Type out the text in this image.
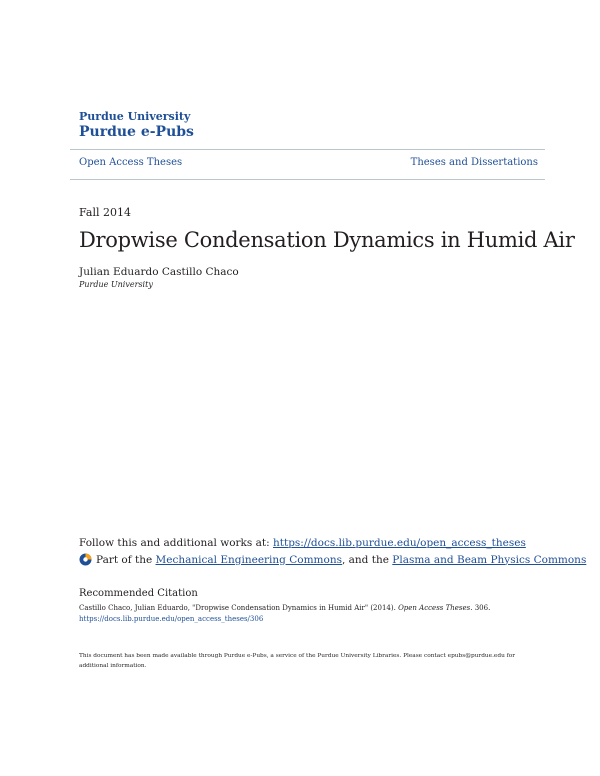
Purdue University
Purdue e-Pubs
Open Access Theses	Theses and Dissertations
Fall 2014
Dropwise Condensation Dynamics in Humid Air
Julian Eduardo Castillo Chaco
Purdue University
Follow this and additional works at: https://docs.lib.purdue.edu/open_access_theses
Part of the Mechanical Engineering Commons, and the Plasma and Beam Physics Commons
Recommended Citation
Castillo Chaco, Julian Eduardo, "Dropwise Condensation Dynamics in Humid Air" (2014). Open Access Theses. 306.
https://docs.lib.purdue.edu/open_access_theses/306
This document has been made available through Purdue e-Pubs, a service of the Purdue University Libraries. Please contact epubs@purdue.edu for additional information.
